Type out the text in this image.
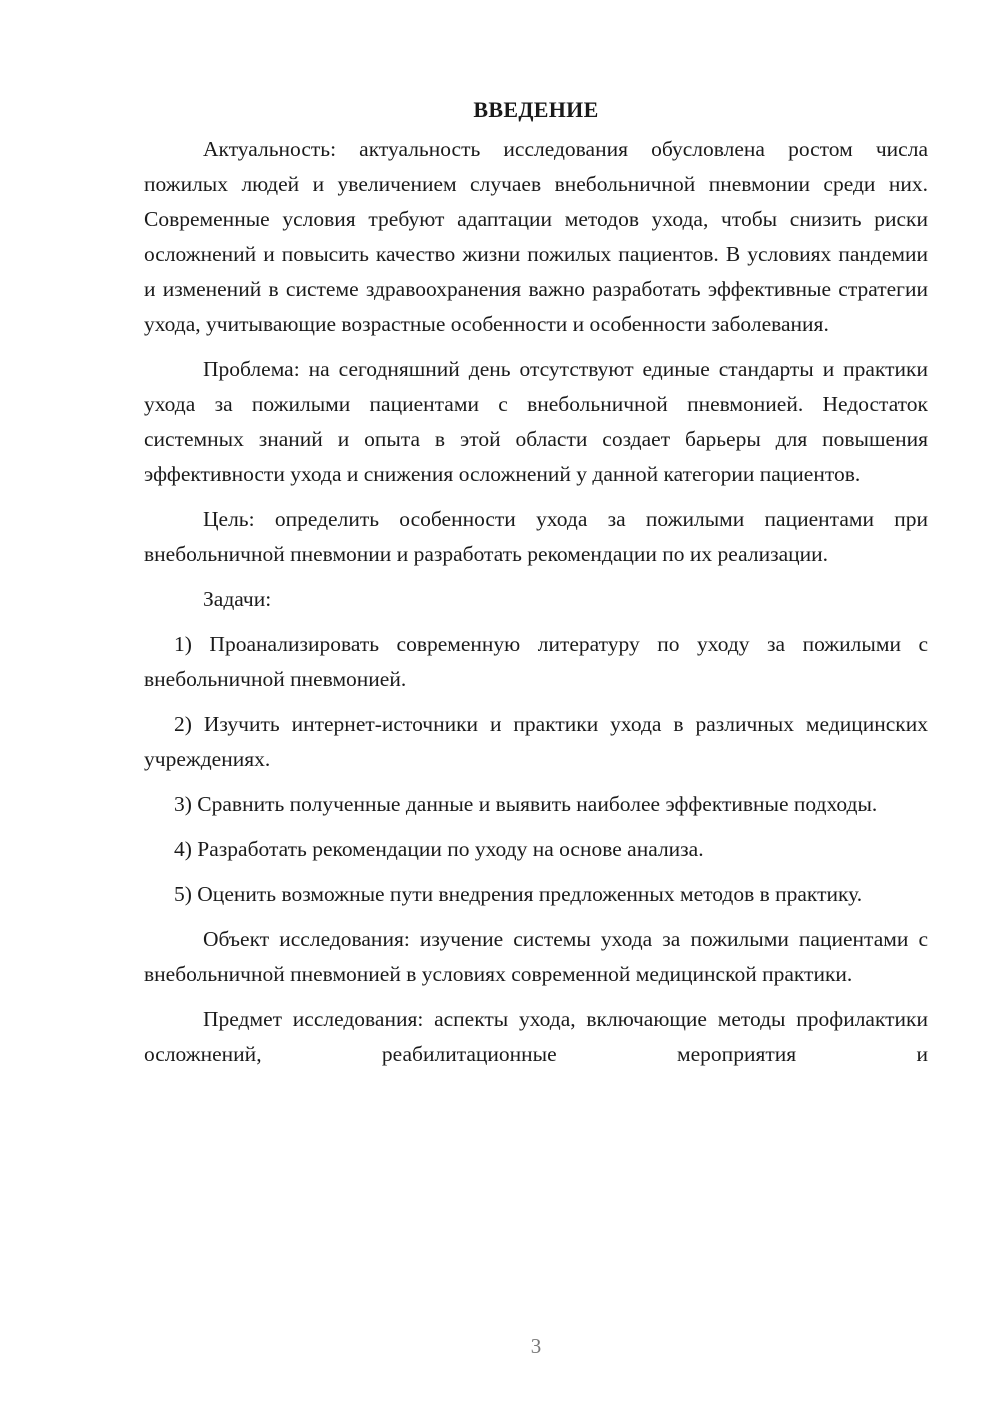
ВВЕДЕНИЕ

Актуальность: актуальность исследования обусловлена ростом числа пожилых людей и увеличением случаев внебольничной пневмонии среди них. Современные условия требуют адаптации методов ухода, чтобы снизить риски осложнений и повысить качество жизни пожилых пациентов. В условиях пандемии и изменений в системе здравоохранения важно разработать эффективные стратегии ухода, учитывающие возрастные особенности и особенности заболевания.

Проблема: на сегодняшний день отсутствуют единые стандарты и практики ухода за пожилыми пациентами с внебольничной пневмонией. Недостаток системных знаний и опыта в этой области создает барьеры для повышения эффективности ухода и снижения осложнений у данной категории пациентов.

Цель: определить особенности ухода за пожилыми пациентами при внебольничной пневмонии и разработать рекомендации по их реализации.

Задачи:

1) Проанализировать современную литературу по уходу за пожилыми с внебольничной пневмонией.

2) Изучить интернет-источники и практики ухода в различных медицинских учреждениях.

3) Сравнить полученные данные и выявить наиболее эффективные подходы.

4) Разработать рекомендации по уходу на основе анализа.

5) Оценить возможные пути внедрения предложенных методов в практику.

Объект исследования: изучение системы ухода за пожилыми пациентами с внебольничной пневмонией в условиях современной медицинской практики.

Предмет исследования: аспекты ухода, включающие методы профилактики осложнений, реабилитационные мероприятия и

3
